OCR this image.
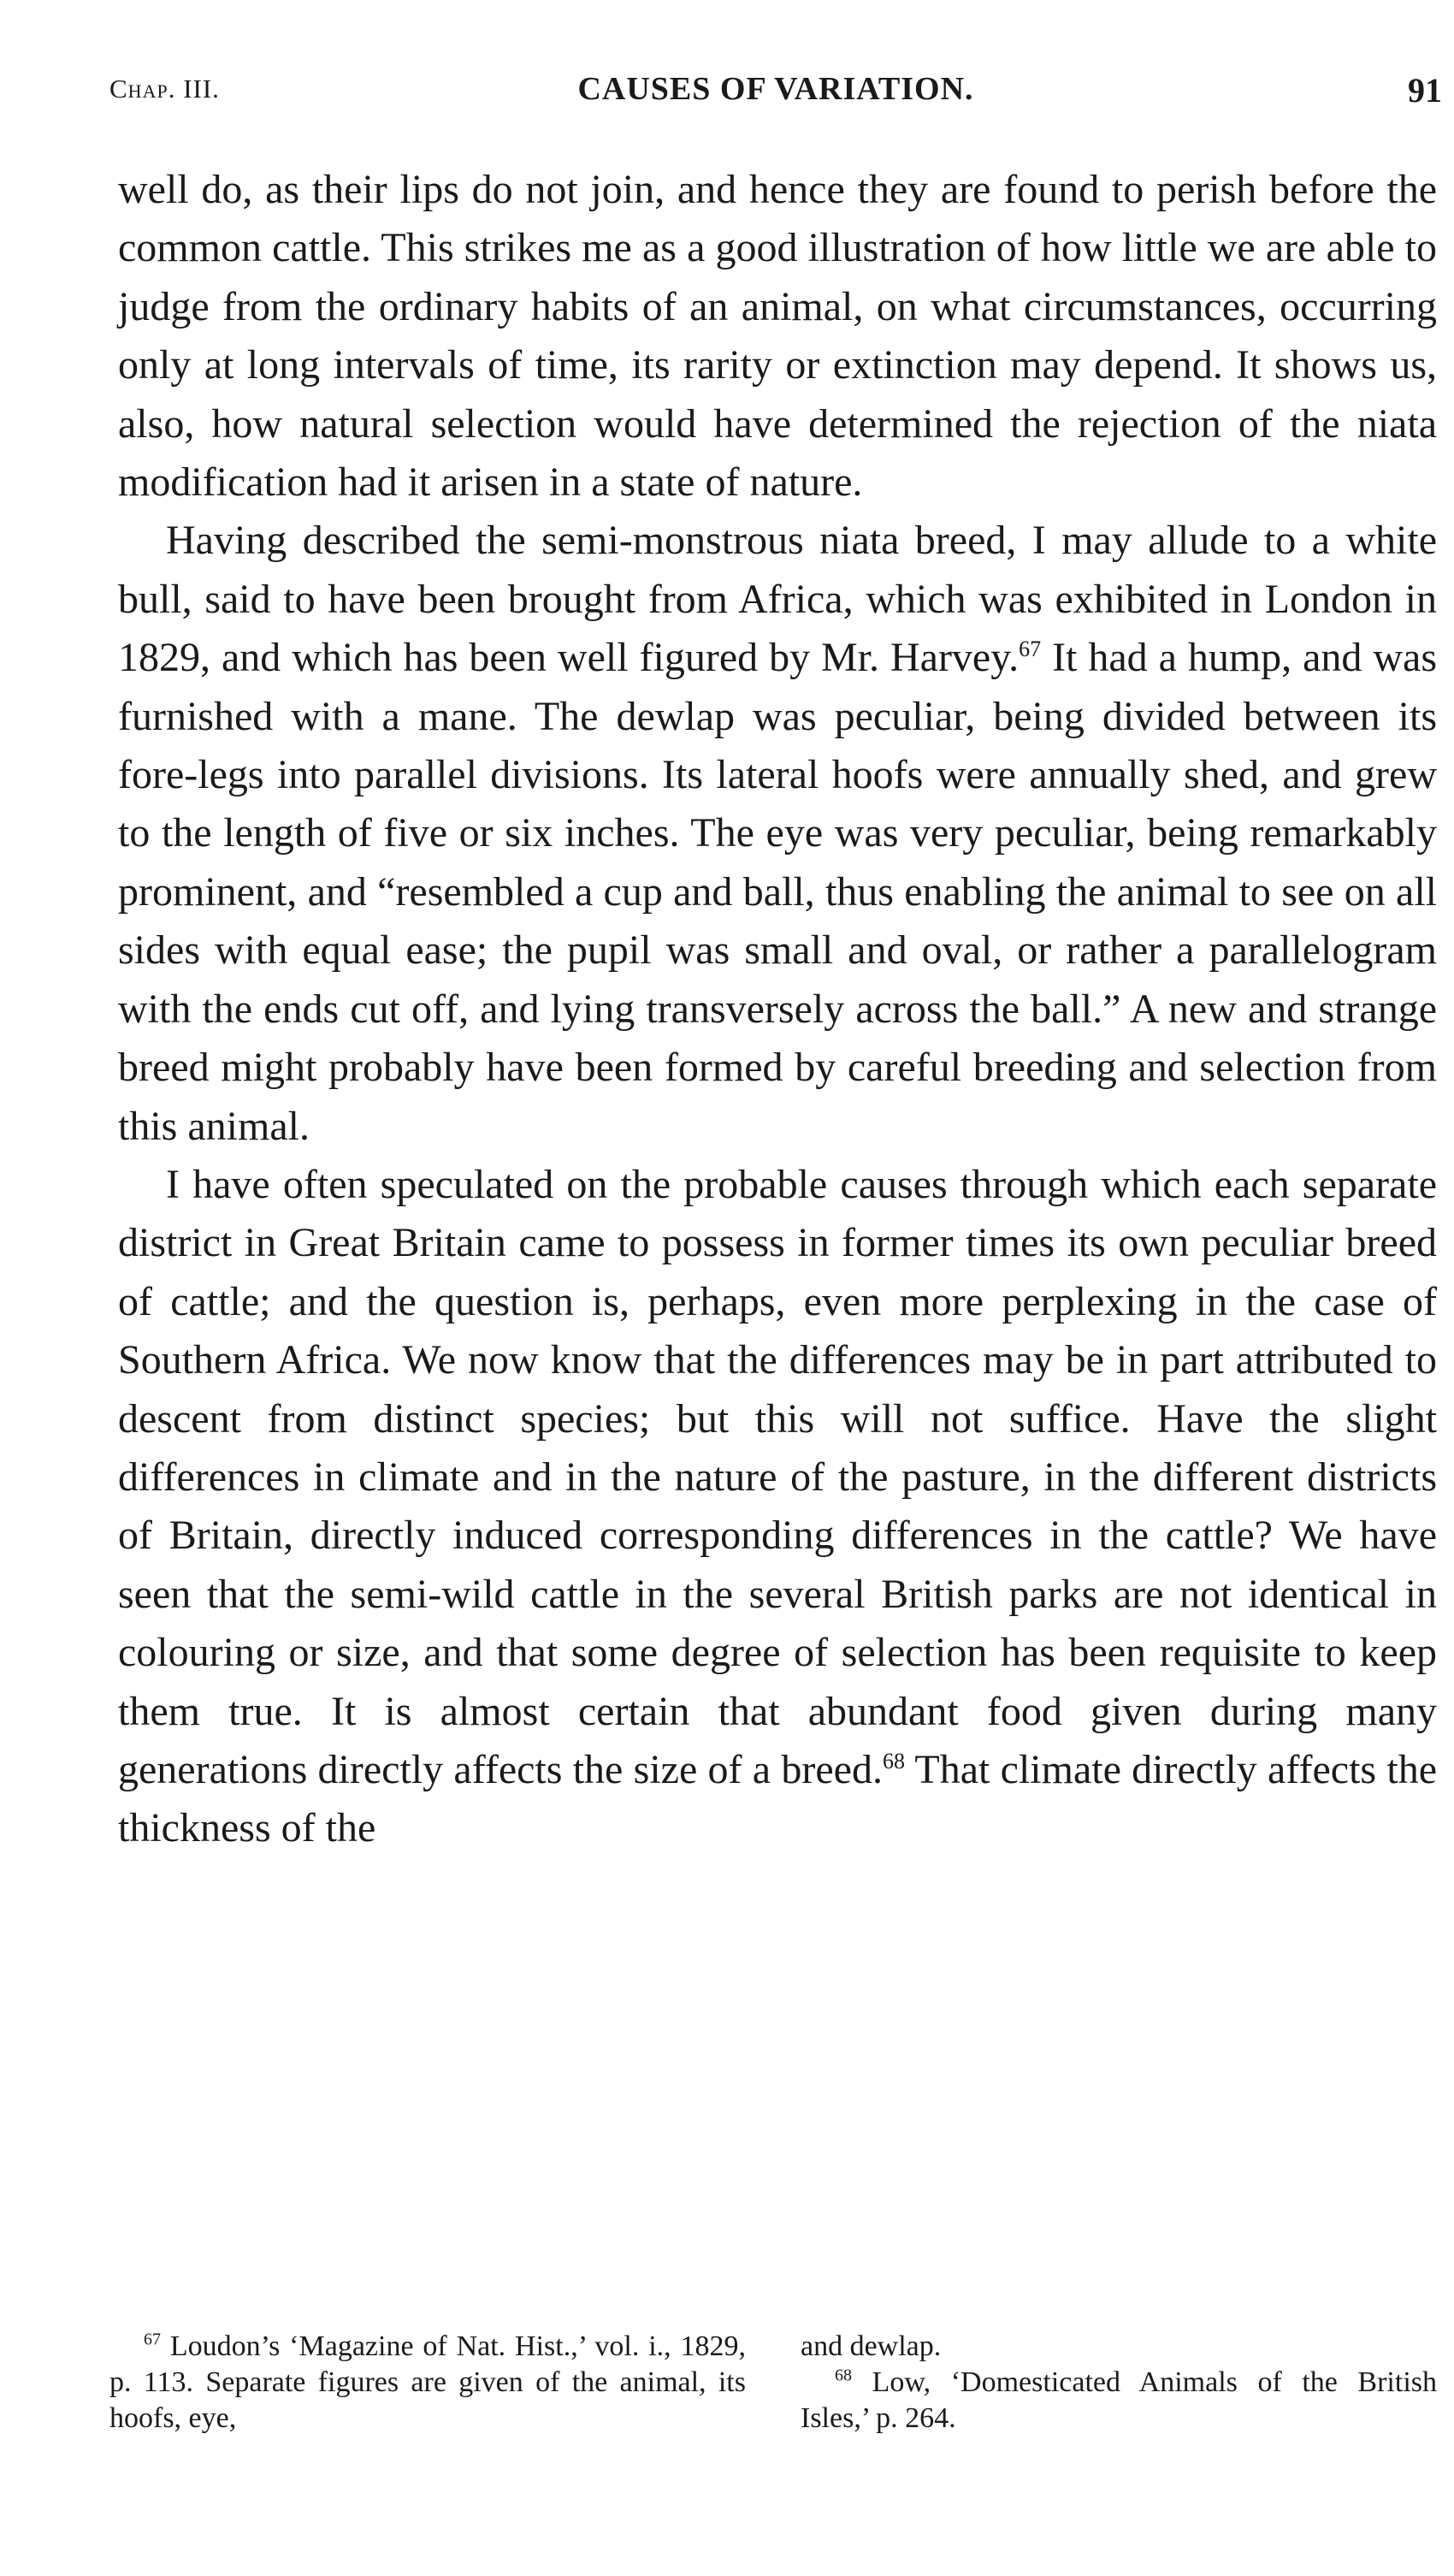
Chap. III.	CAUSES OF VARIATION.	91

well do, as their lips do not join, and hence they are found to perish before the common cattle. This strikes me as a good illustration of how little we are able to judge from the ordinary habits of an animal, on what circumstances, occurring only at long intervals of time, its rarity or extinction may depend. It shows us, also, how natural selection would have determined the rejection of the niata modification had it arisen in a state of nature.

Having described the semi-monstrous niata breed, I may allude to a white bull, said to have been brought from Africa, which was exhibited in London in 1829, and which has been well figured by Mr. Harvey.$^{67}$ It had a hump, and was furnished with a mane. The dewlap was peculiar, being divided between its fore-legs into parallel divisions. Its lateral hoofs were annually shed, and grew to the length of five or six inches. The eye was very peculiar, being remarkably prominent, and “resembled a cup and ball, thus enabling the animal to see on all sides with equal ease; the pupil was small and oval, or rather a parallelogram with the ends cut off, and lying transversely across the ball.” A new and strange breed might probably have been formed by careful breeding and selection from this animal.

I have often speculated on the probable causes through which each separate district in Great Britain came to possess in former times its own peculiar breed of cattle; and the question is, perhaps, even more perplexing in the case of Southern Africa. We now know that the differences may be in part attributed to descent from distinct species; but this will not suffice. Have the slight differences in climate and in the nature of the pasture, in the different districts of Britain, directly induced corresponding differences in the cattle? We have seen that the semi-wild cattle in the several British parks are not identical in colouring or size, and that some degree of selection has been requisite to keep them true. It is almost certain that abundant food given during many generations directly affects the size of a breed.$^{68}$ That climate directly affects the thickness of the

$^{67}$ Loudon’s ‘Magazine of Nat. Hist.,’ vol. i., 1829, p. 113. Separate figures are given of the animal, its hoofs, eye,

and dewlap.

$^{68}$ Low, ‘Domesticated Animals of the British Isles,’ p. 264.
